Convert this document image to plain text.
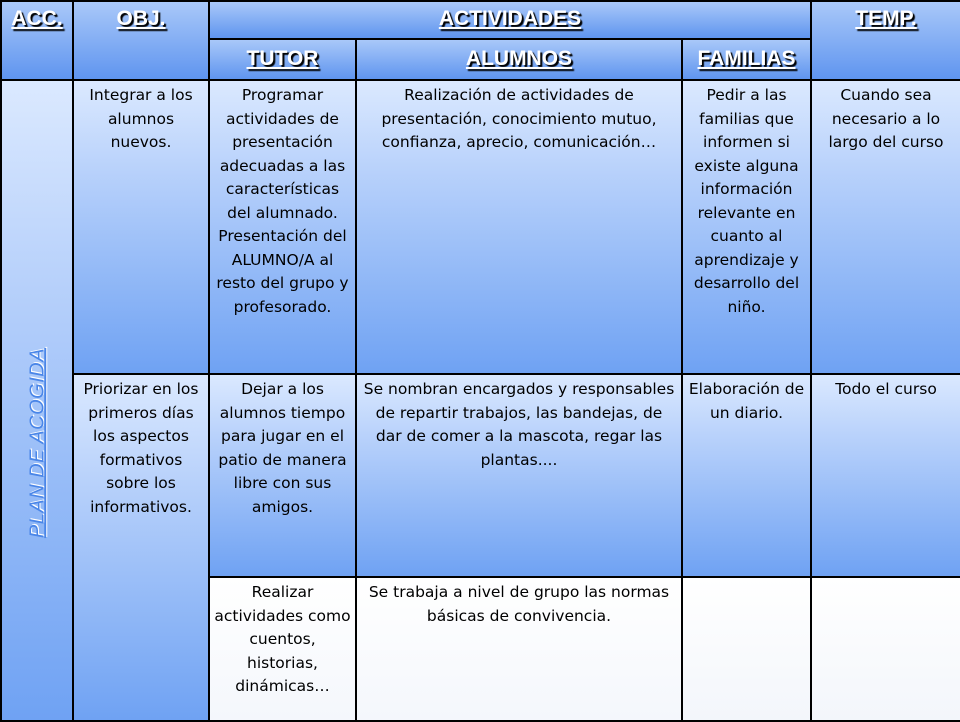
ACC.	OBJ.	ACTIVIDADES			TEMP.
		TUTOR	ALUMNOS	FAMILIAS	

PLAN DE ACOGIDA	Integrar a los alumnos nuevos.	Programar actividades de presentación adecuadas a las características del alumnado. Presentación del ALUMNO/A al resto del grupo y profesorado.	Realización de actividades de presentación, conocimiento mutuo, confianza, aprecio, comunicación…	Pedir a las familias que informen si existe alguna información relevante en cuanto al aprendizaje y desarrollo del niño.	Cuando sea necesario a lo largo del curso
	Priorizar en los primeros días los aspectos formativos sobre los informativos.	Dejar a los alumnos tiempo para jugar en el patio de manera libre con sus amigos.	Se nombran encargados y responsables de repartir trabajos, las bandejas, de dar de comer a la mascota, regar las plantas....	Elaboración de un diario.	Todo el curso
		Realizar actividades como cuentos, historias, dinámicas…	Se trabaja a nivel de grupo las normas básicas de convivencia.		
